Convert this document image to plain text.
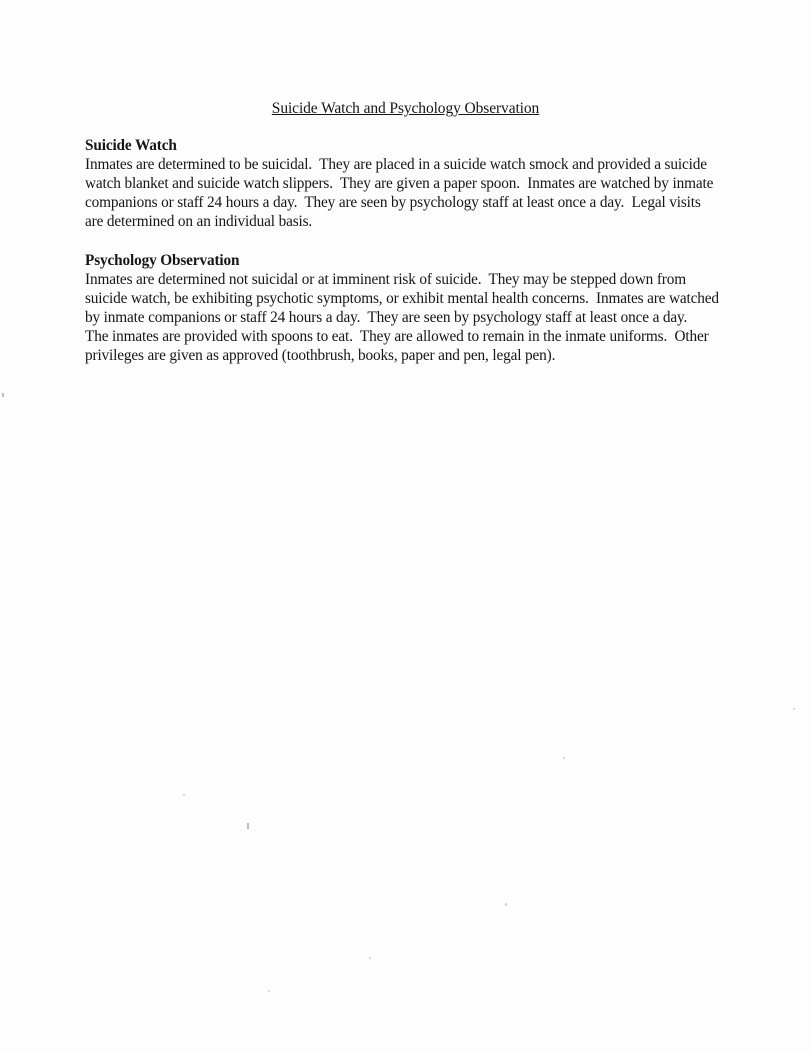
Suicide Watch and Psychology Observation
Suicide Watch
Inmates are determined to be suicidal.  They are placed in a suicide watch smock and provided a suicide
watch blanket and suicide watch slippers.  They are given a paper spoon.  Inmates are watched by inmate
companions or staff 24 hours a day.  They are seen by psychology staff at least once a day.  Legal visits
are determined on an individual basis.
Psychology Observation
Inmates are determined not suicidal or at imminent risk of suicide.  They may be stepped down from
suicide watch, be exhibiting psychotic symptoms, or exhibit mental health concerns.  Inmates are watched
by inmate companions or staff 24 hours a day.  They are seen by psychology staff at least once a day.
The inmates are provided with spoons to eat.  They are allowed to remain in the inmate uniforms.  Other
privileges are given as approved (toothbrush, books, paper and pen, legal pen).
